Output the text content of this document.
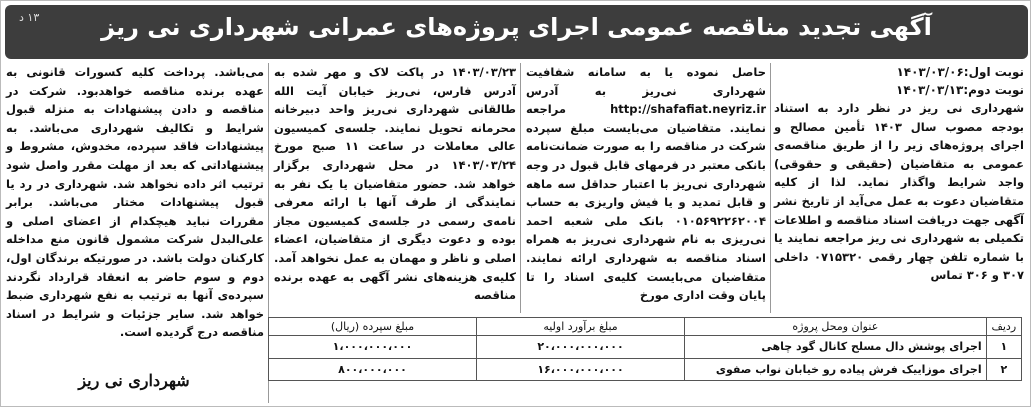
آگهی تجدید مناقصه عمومی اجرای پروژه‌های عمرانی شهرداری نی ریز
۱۳ د
نوبت اول:۱۴۰۳/۰۳/۰۶
نوبت دوم:۱۴۰۳/۰۳/۱۳

شهرداری نی ریز در نظر دارد به استناد بودجه مصوب سال ۱۴۰۳ تأمین مصالح و اجرای پروژه‌های زیر را از طریق مناقصه‌ی عمومی به متقاضیان (حقیقی و حقوقی) واجد شرایط واگذار نماید. لذا از کلیه متقاضیان دعوت به عمل می‌آید از تاریخ نشر آگهی جهت دریافت اسناد مناقصه و اطلاعات تکمیلی به شهرداری نی ریز مراجعه نمایند یا با شماره تلفن چهار رقمی ۰۷۱۵۳۲۰ داخلی ۳۰۷ و ۳۰۶ تماس

حاصل نموده یا به سامانه شفافیت شهرداری نی‌ریز به آدرس http://shafafiat.neyriz.ir مراجعه نمایند. متقاضیان می‌بایست مبلغ سپرده شرکت در مناقصه را به صورت ضمانت‌نامه بانکی معتبر در فرمهای قابل قبول در وجه شهرداری نی‌ریز با اعتبار حداقل سه ماهه و قابل تمدید و یا فیش واریزی به حساب ۰۱۰۵۶۹۲۲۶۲۰۰۴ بانک ملی شعبه احمد نی‌ریزی به نام شهرداری نی‌ریز به همراه اسناد مناقصه به شهرداری ارائه نمایند. متقاضیان می‌بایست کلیه‌ی اسناد را تا پایان وقت اداری مورخ

۱۴۰۳/۰۳/۲۳ در پاکت لاک و مهر شده به آدرس فارس، نی‌ریز خیابان آیت الله طالقانی شهرداری نی‌ریز واحد دبیرخانه محرمانه تحویل نمایند. جلسه‌ی کمیسیون عالی معاملات در ساعت ۱۱ صبح مورخ ۱۴۰۳/۰۳/۲۴ در محل شهرداری برگزار خواهد شد. حضور متقاضیان یا یک نفر به نمایندگی از طرف آنها با ارائه معرفی نامه‌ی رسمی در جلسه‌ی کمیسیون مجاز بوده و دعوت دیگری از متقاضیان، اعضاء اصلی و ناظر و مهمان به عمل نخواهد آمد. کلیه‌ی هزینه‌های نشر آگهی به عهده برنده مناقصه

می‌باشد. پرداخت کلیه کسورات قانونی به عهده برنده مناقصه خواهدبود. شرکت در مناقصه و دادن پیشنهادات به منزله قبول شرایط و تکالیف شهرداری می‌باشد. به پیشنهادات فاقد سپرده، مخدوش، مشروط و پیشنهاداتی که بعد از مهلت مقرر واصل شود ترتیب اثر داده نخواهد شد. شهرداری در رد یا قبول پیشنهادات مختار می‌باشد. برابر مقررات نباید هیچکدام از اعضای اصلی و علی‌البدل شرکت مشمول قانون منع مداخله کارکنان دولت باشد. در صورتیکه برندگان اول، دوم و سوم حاضر به انعقاد قرارداد نگردند سپرده‌ی آنها به ترتیب به نفع شهرداری ضبط خواهد شد. سایر جزئیات و شرایط در اسناد مناقصه درج گردیده است.	ردیف	عنوان ومحل پروژه	مبلغ برآورد اولیه	مبلغ سپرده (ریال)
۱	اجرای پوشش دال مسلح کانال گود چاهی	۲۰،۰۰۰،۰۰۰،۰۰۰	۱،۰۰۰،۰۰۰،۰۰۰
۲	اجرای موزاییک فرش پیاده رو خیابان نواب صفوی	۱۶،۰۰۰،۰۰۰،۰۰۰	۸۰۰،۰۰۰،۰۰۰
شهرداری نی ریز
